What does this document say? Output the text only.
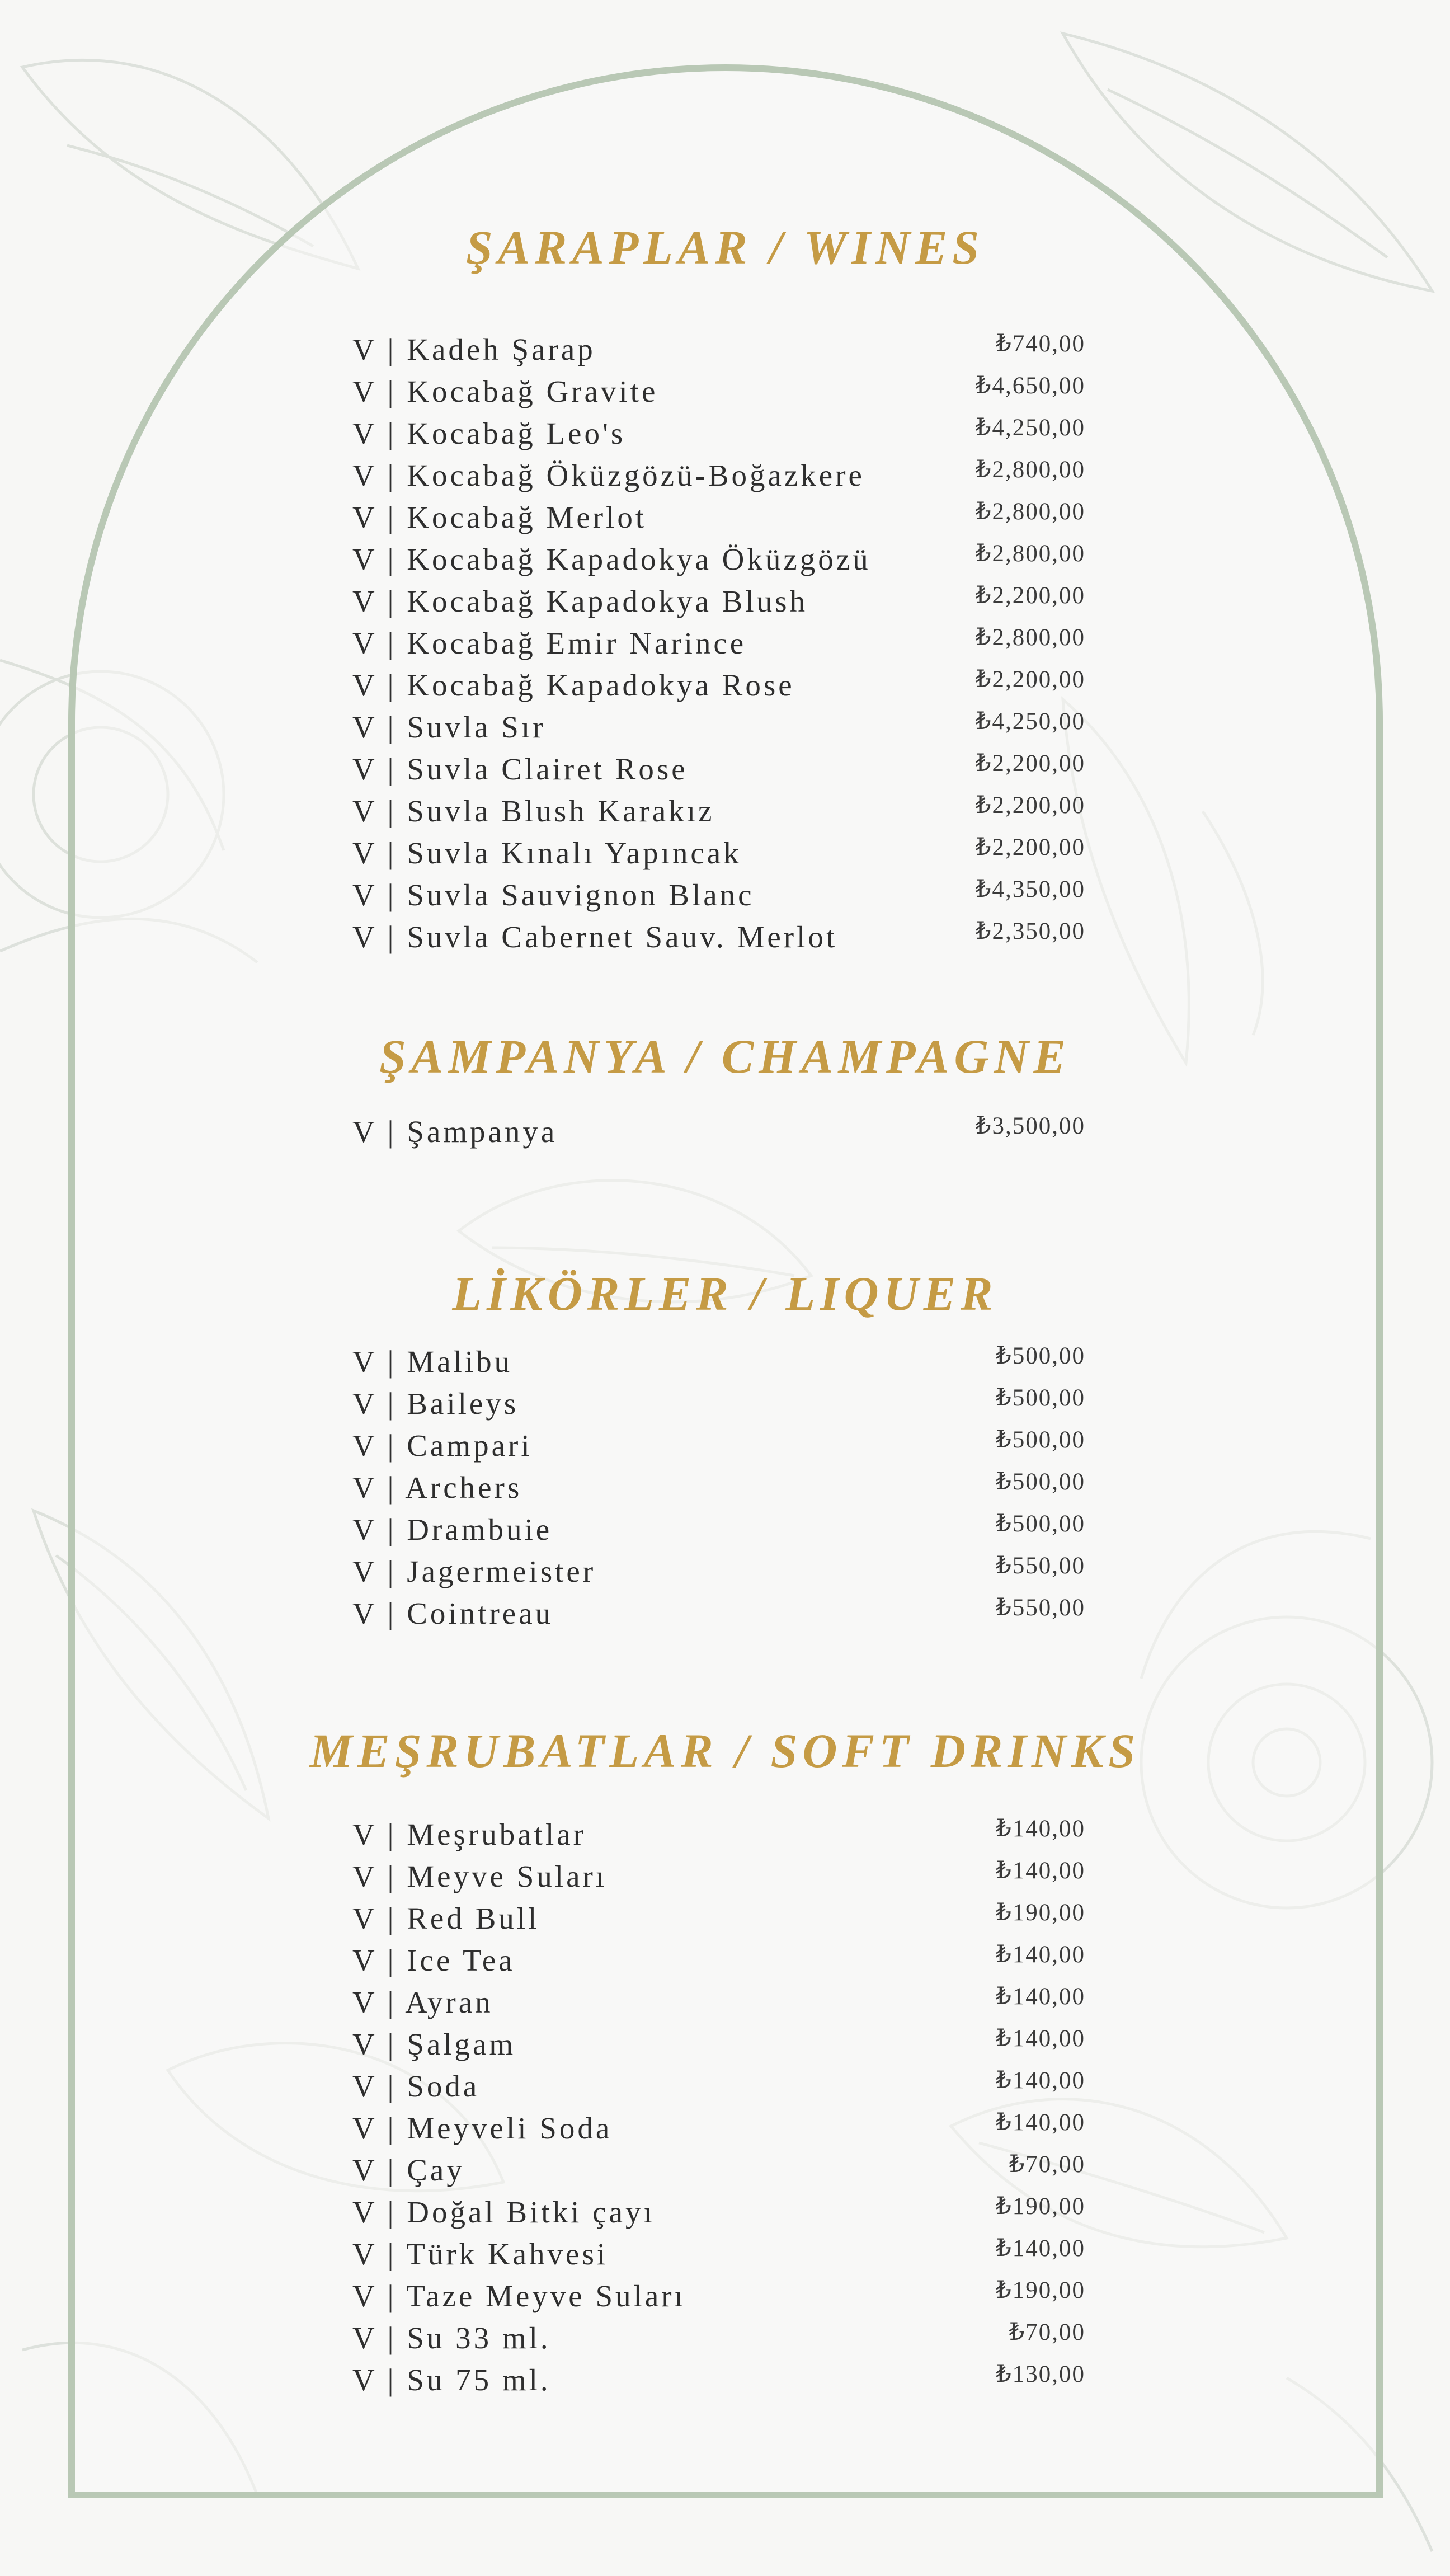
ŞARAPLAR / WINES
V | Kadeh Şarap	₺740,00
V | Kocabağ Gravite	₺4,650,00
V | Kocabağ Leo's	₺4,250,00
V | Kocabağ Öküzgözü-Boğazkere	₺2,800,00
V | Kocabağ Merlot	₺2,800,00
V | Kocabağ Kapadokya Öküzgözü	₺2,800,00
V | Kocabağ Kapadokya Blush	₺2,200,00
V | Kocabağ Emir Narince	₺2,800,00
V | Kocabağ Kapadokya Rose	₺2,200,00
V | Suvla Sır	₺4,250,00
V | Suvla Clairet Rose	₺2,200,00
V | Suvla Blush Karakız	₺2,200,00
V | Suvla Kınalı Yapıncak	₺2,200,00
V | Suvla Sauvignon Blanc	₺4,350,00
V | Suvla Cabernet Sauv. Merlot	₺2,350,00
ŞAMPANYA / CHAMPAGNE
V | Şampanya	₺3,500,00
LİKÖRLER / LIQUER
V | Malibu	₺500,00
V | Baileys	₺500,00
V | Campari	₺500,00
V | Archers	₺500,00
V | Drambuie	₺500,00
V | Jagermeister	₺550,00
V | Cointreau	₺550,00
MEŞRUBATLAR / SOFT DRINKS
V | Meşrubatlar	₺140,00
V | Meyve Suları	₺140,00
V | Red Bull	₺190,00
V | Ice Tea	₺140,00
V | Ayran	₺140,00
V | Şalgam	₺140,00
V | Soda	₺140,00
V | Meyveli Soda	₺140,00
V | Çay	₺70,00
V | Doğal Bitki çayı	₺190,00
V | Türk Kahvesi	₺140,00
V | Taze Meyve Suları	₺190,00
V | Su 33 ml.	₺70,00
V | Su 75 ml.	₺130,00
